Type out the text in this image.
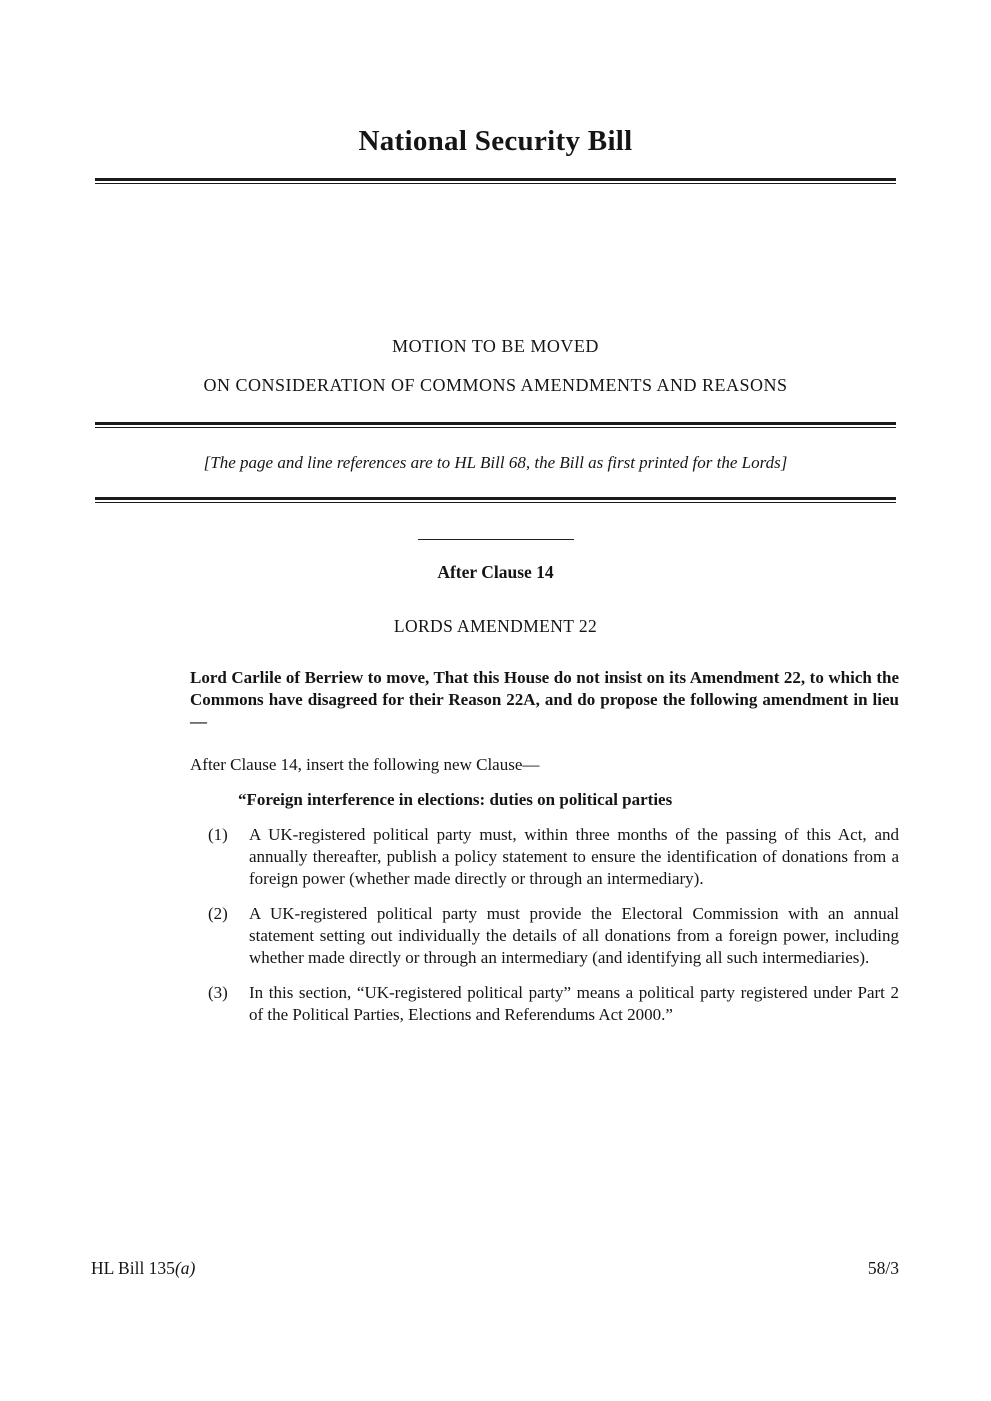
National Security Bill

MOTION TO BE MOVED

ON CONSIDERATION OF COMMONS AMENDMENTS AND REASONS

[The page and line references are to HL Bill 68, the Bill as first printed for the Lords]

After Clause 14

LORDS AMENDMENT 22

Lord Carlile of Berriew to move, That this House do not insist on its Amendment 22, to which the Commons have disagreed for their Reason 22A, and do propose the following amendment in lieu—

After Clause 14, insert the following new Clause—

“Foreign interference in elections: duties on political parties

(1)	A UK-registered political party must, within three months of the passing of this Act, and annually thereafter, publish a policy statement to ensure the identification of donations from a foreign power (whether made directly or through an intermediary).
(2)	A UK-registered political party must provide the Electoral Commission with an annual statement setting out individually the details of all donations from a foreign power, including whether made directly or through an intermediary (and identifying all such intermediaries).
(3)	In this section, “UK-registered political party” means a political party registered under Part 2 of the Political Parties, Elections and Referendums Act 2000.”
HL Bill 135(a)	58/3
